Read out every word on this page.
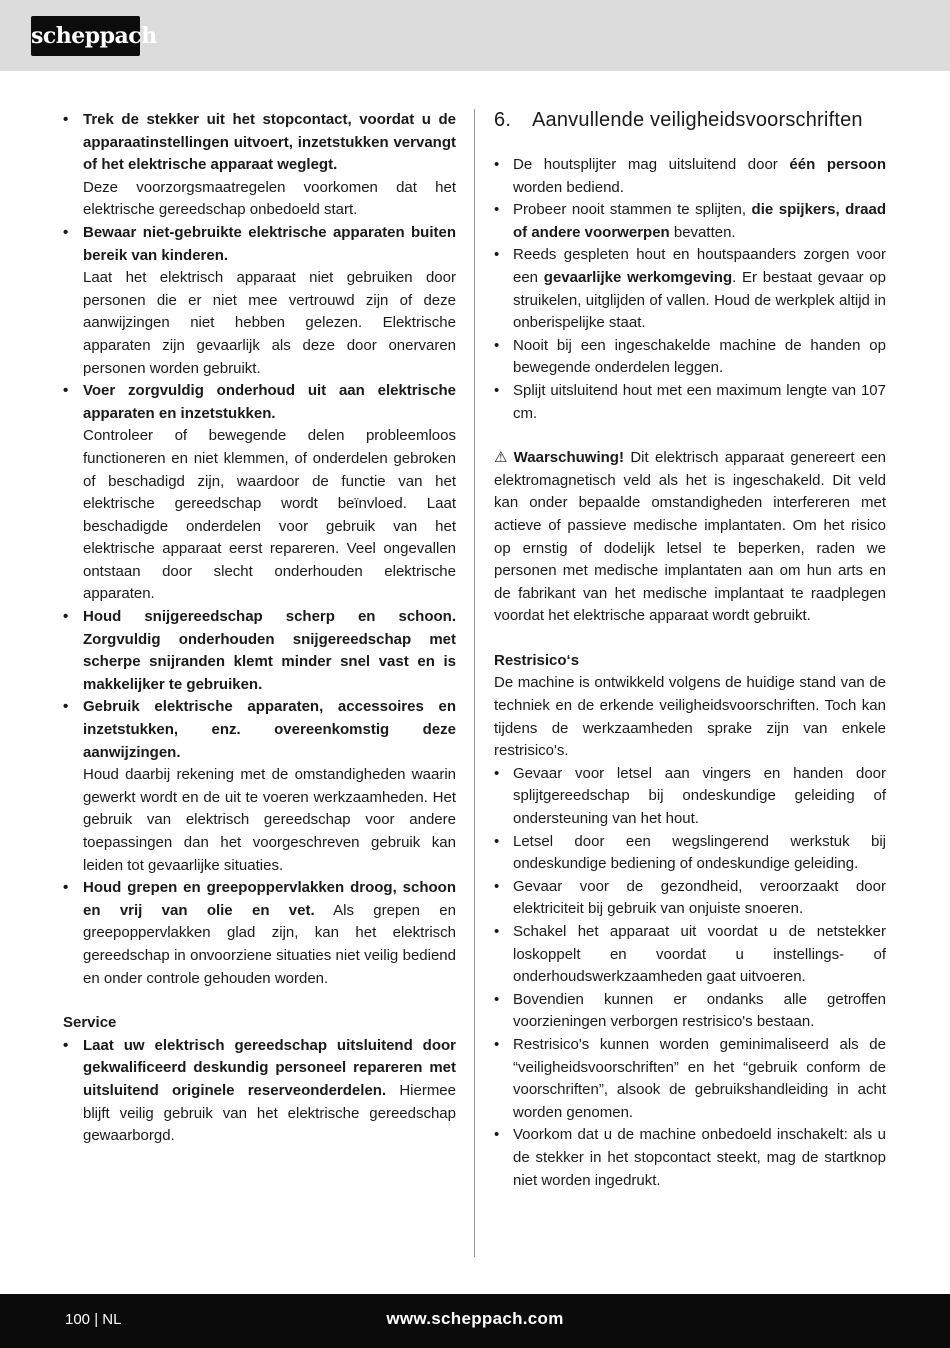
scheppach
• Trek de stekker uit het stopcontact, voordat u de apparaatinstellingen uitvoert, inzetstukken vervangt of het elektrische apparaat weglegt.
Deze voorzorgsmaatregelen voorkomen dat het elektrische gereedschap onbedoeld start.
• Bewaar niet-gebruikte elektrische apparaten buiten bereik van kinderen.
Laat het elektrisch apparaat niet gebruiken door personen die er niet mee vertrouwd zijn of deze aanwijzingen niet hebben gelezen. Elektrische apparaten zijn gevaarlijk als deze door onervaren personen worden gebruikt.
• Voer zorgvuldig onderhoud uit aan elektrische apparaten en inzetstukken.
Controleer of bewegende delen probleemloos functioneren en niet klemmen, of onderdelen gebroken of beschadigd zijn, waardoor de functie van het elektrische gereedschap wordt beïnvloed. Laat beschadigde onderdelen voor gebruik van het elektrische apparaat eerst repareren. Veel ongevallen ontstaan door slecht onderhouden elektrische apparaten.
• Houd snijgereedschap scherp en schoon. Zorgvuldig onderhouden snijgereedschap met scherpe snijranden klemt minder snel vast en is makkelijker te gebruiken.
• Gebruik elektrische apparaten, accessoires en inzetstukken, enz. overeenkomstig deze aanwijzingen.
Houd daarbij rekening met de omstandigheden waarin gewerkt wordt en de uit te voeren werkzaamheden. Het gebruik van elektrisch gereedschap voor andere toepassingen dan het voorgeschreven gebruik kan leiden tot gevaarlijke situaties.
• Houd grepen en greepoppervlakken droog, schoon en vrij van olie en vet. Als grepen en greepoppervlakken glad zijn, kan het elektrisch gereedschap in onvoorziene situaties niet veilig bediend en onder controle gehouden worden.
Service
• Laat uw elektrisch gereedschap uitsluitend door gekwalificeerd deskundig personeel repareren met uitsluitend originele reserveonderdelen. Hiermee blijft veilig gebruik van het elektrische gereedschap gewaarborgd.
6.	Aanvullende veiligheidsvoorschriften
• De houtsplijter mag uitsluitend door één persoon worden bediend.
• Probeer nooit stammen te splijten, die spijkers, draad of andere voorwerpen bevatten.
• Reeds gespleten hout en houtspaanders zorgen voor een gevaarlijke werkomgeving. Er bestaat gevaar op struikelen, uitglijden of vallen. Houd de werkplek altijd in onberispelijke staat.
• Nooit bij een ingeschakelde machine de handen op bewegende onderdelen leggen.
• Splijt uitsluitend hout met een maximum lengte van 107 cm.

⚠ Waarschuwing! Dit elektrisch apparaat genereert een elektromagnetisch veld als het is ingeschakeld. Dit veld kan onder bepaalde omstandigheden interfereren met actieve of passieve medische implantaten. Om het risico op ernstig of dodelijk letsel te beperken, raden we personen met medische implantaten aan om hun arts en de fabrikant van het medische implantaat te raadplegen voordat het elektrische apparaat wordt gebruikt.

Restrisico‘s

De machine is ontwikkeld volgens de huidige stand van de techniek en de erkende veiligheidsvoorschriften. Toch kan tijdens de werkzaamheden sprake zijn van enkele restrisico's.

• Gevaar voor letsel aan vingers en handen door splijtgereedschap bij ondeskundige geleiding of ondersteuning van het hout.
• Letsel door een wegslingerend werkstuk bij ondeskundige bediening of ondeskundige geleiding.
• Gevaar voor de gezondheid, veroorzaakt door elektriciteit bij gebruik van onjuiste snoeren.
• Schakel het apparaat uit voordat u de netstekker loskoppelt en voordat u instellings- of onderhoudswerkzaamheden gaat uitvoeren.
• Bovendien kunnen er ondanks alle getroffen voorzieningen verborgen restrisico's bestaan.
• Restrisico's kunnen worden geminimaliseerd als de “veiligheidsvoorschriften” en het “gebruik conform de voorschriften”, alsook de gebruikshandleiding in acht worden genomen.
• Voorkom dat u de machine onbedoeld inschakelt: als u de stekker in het stopcontact steekt, mag de startknop niet worden ingedrukt.
100 | NL	www.scheppach.com
